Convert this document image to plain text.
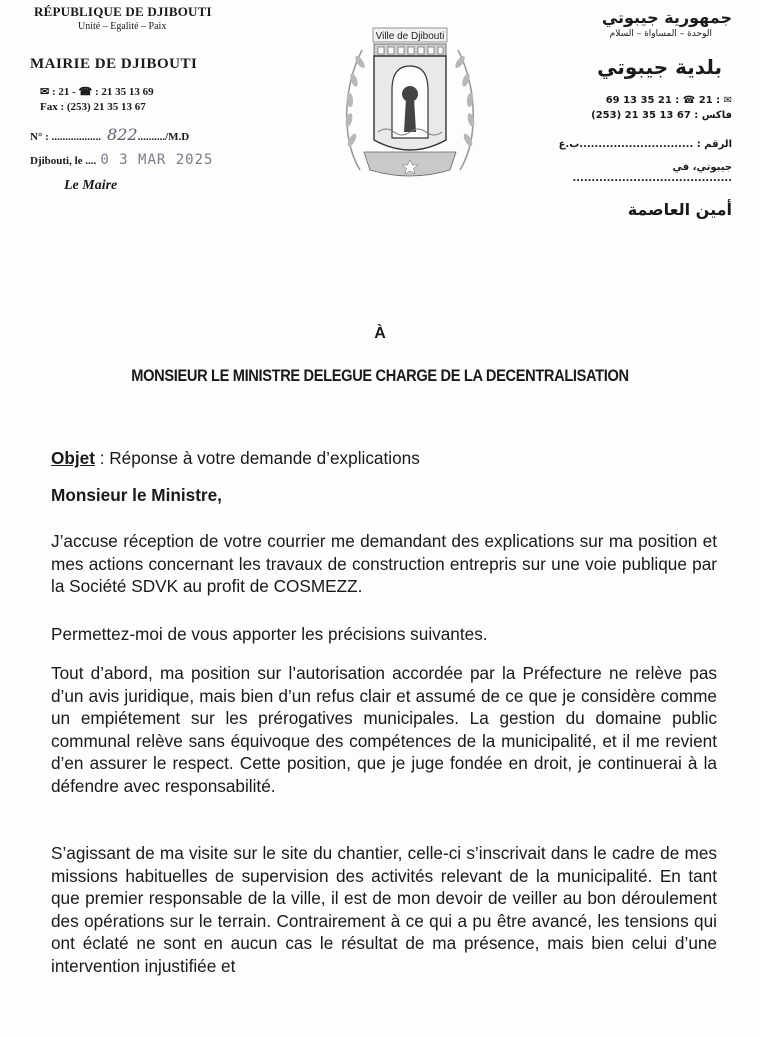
RÉPUBLIQUE DE DJIBOUTI
Unité – Egalité – Paix
MAIRIE DE DJIBOUTI
✉ : 21 - ☎ : 21 35 13 69
Fax : (253) 21 35 13 67
N° : .................. 822........../M.D
Djibouti, le .... 0 3 MAR 2025
Le Maire
Ville de Djibouti
جمهورية جيبوتي
الوحدة – المساواة – السلام
بلدية جيبوتي
✉ : 21 ☎ : 21 35 13 69
فاكس : 67 13 35 21 (253)
الرقم : ..............................ب.ع
جيبوتي، في ..........................................
أمين العاصمة
À
MONSIEUR LE MINISTRE DELEGUE CHARGE DE LA DECENTRALISATION
Objet : Réponse à votre demande d’explications
Monsieur le Ministre,
J’accuse réception de votre courrier me demandant des explications sur ma position et mes actions concernant les travaux de construction entrepris sur une voie publique par la Société SDVK au profit de COSMEZZ.
Permettez-moi de vous apporter les précisions suivantes.
Tout d’abord, ma position sur l’autorisation accordée par la Préfecture ne relève pas d’un avis juridique, mais bien d’un refus clair et assumé de ce que je considère comme un empiétement sur les prérogatives municipales. La gestion du domaine public communal relève sans équivoque des compétences de la municipalité, et il me revient d’en assurer le respect. Cette position, que je juge fondée en droit, je continuerai à la défendre avec responsabilité.
S’agissant de ma visite sur le site du chantier, celle-ci s’inscrivait dans le cadre de mes missions habituelles de supervision des activités relevant de la municipalité. En tant que premier responsable de la ville, il est de mon devoir de veiller au bon déroulement des opérations sur le terrain. Contrairement à ce qui a pu être avancé, les tensions qui ont éclaté ne sont en aucun cas le résultat de ma présence, mais bien celui d’une intervention injustifiée et
